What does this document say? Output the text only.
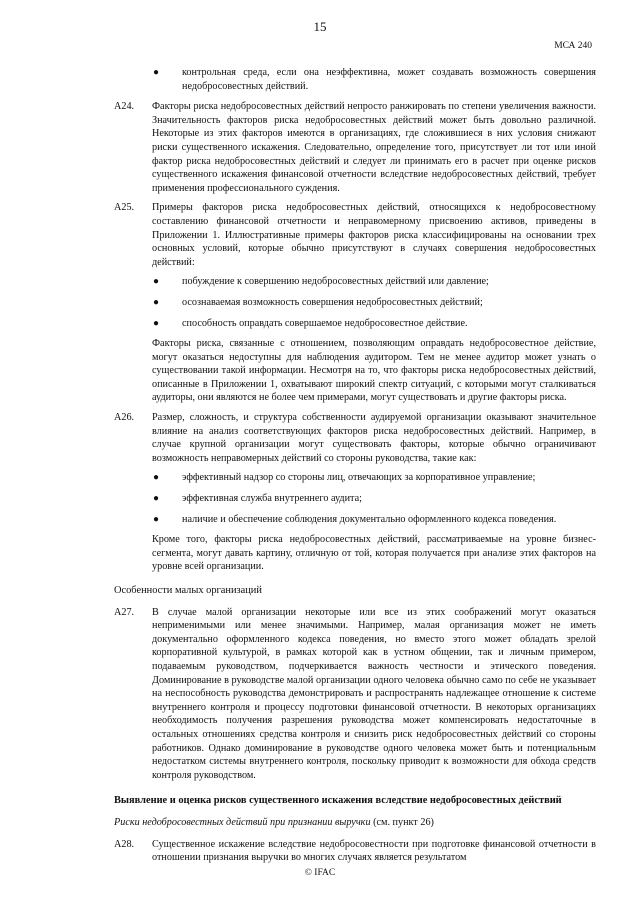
15
МСА 240
● контрольная среда, если она неэффективна, может создавать возможность совершения недобросовестных действий.
A24. Факторы риска недобросовестных действий непросто ранжировать по степени увеличения важности. Значительность факторов риска недобросовестных действий может быть довольно различной. Некоторые из этих факторов имеются в организациях, где сложившиеся в них условия снижают риски существенного искажения. Следовательно, определение того, присутствует ли тот или иной фактор риска недобросовестных действий и следует ли принимать его в расчет при оценке рисков существенного искажения финансовой отчетности вследствие недобросовестных действий, требует применения профессионального суждения.
A25. Примеры факторов риска недобросовестных действий, относящихся к недобросовестному составлению финансовой отчетности и неправомерному присвоению активов, приведены в Приложении 1. Иллюстративные примеры факторов риска классифицированы на основании трех основных условий, которые обычно присутствуют в случаях совершения недобросовестных действий:
● побуждение к совершению недобросовестных действий или давление;
● осознаваемая возможность совершения недобросовестных действий;
● способность оправдать совершаемое недобросовестное действие.
Факторы риска, связанные с отношением, позволяющим оправдать недобросовестное действие, могут оказаться недоступны для наблюдения аудитором. Тем не менее аудитор может узнать о существовании такой информации. Несмотря на то, что факторы риска недобросовестных действий, описанные в Приложении 1, охватывают широкий спектр ситуаций, с которыми могут сталкиваться аудиторы, они являются не более чем примерами, могут существовать и другие факторы риска.
A26. Размер, сложность, и структура собственности аудируемой организации оказывают значительное влияние на анализ соответствующих факторов риска недобросовестных действий. Например, в случае крупной организации могут существовать факторы, которые обычно ограничивают возможность неправомерных действий со стороны руководства, такие как:
● эффективный надзор со стороны лиц, отвечающих за корпоративное управление;
● эффективная служба внутреннего аудита;
● наличие и обеспечение соблюдения документально оформленного кодекса поведения.
Кроме того, факторы риска недобросовестных действий, рассматриваемые на уровне бизнес-сегмента, могут давать картину, отличную от той, которая получается при анализе этих факторов на уровне всей организации.
Особенности малых организаций
A27. В случае малой организации некоторые или все из этих соображений могут оказаться неприменимыми или менее значимыми. Например, малая организация может не иметь документально оформленного кодекса поведения, но вместо этого может обладать зрелой корпоративной культурой, в рамках которой как в устном общении, так и личным примером, подаваемым руководством, подчеркивается важность честности и этического поведения. Доминирование в руководстве малой организации одного человека обычно само по себе не указывает на неспособность руководства демонстрировать и распространять надлежащее отношение к системе внутреннего контроля и процессу подготовки финансовой отчетности. В некоторых организациях необходимость получения разрешения руководства может компенсировать недостаточные в остальных отношениях средства контроля и снизить риск недобросовестных действий со стороны работников. Однако доминирование в руководстве одного человека может быть и потенциальным недостатком системы внутреннего контроля, поскольку приводит к возможности для обхода средств контроля руководством.
Выявление и оценка рисков существенного искажения вследствие недобросовестных действий
Риски недобросовестных действий при признании выручки (см. пункт 26)
A28. Существенное искажение вследствие недобросовестности при подготовке финансовой отчетности в отношении признания выручки во многих случаях является результатом
© IFAC
